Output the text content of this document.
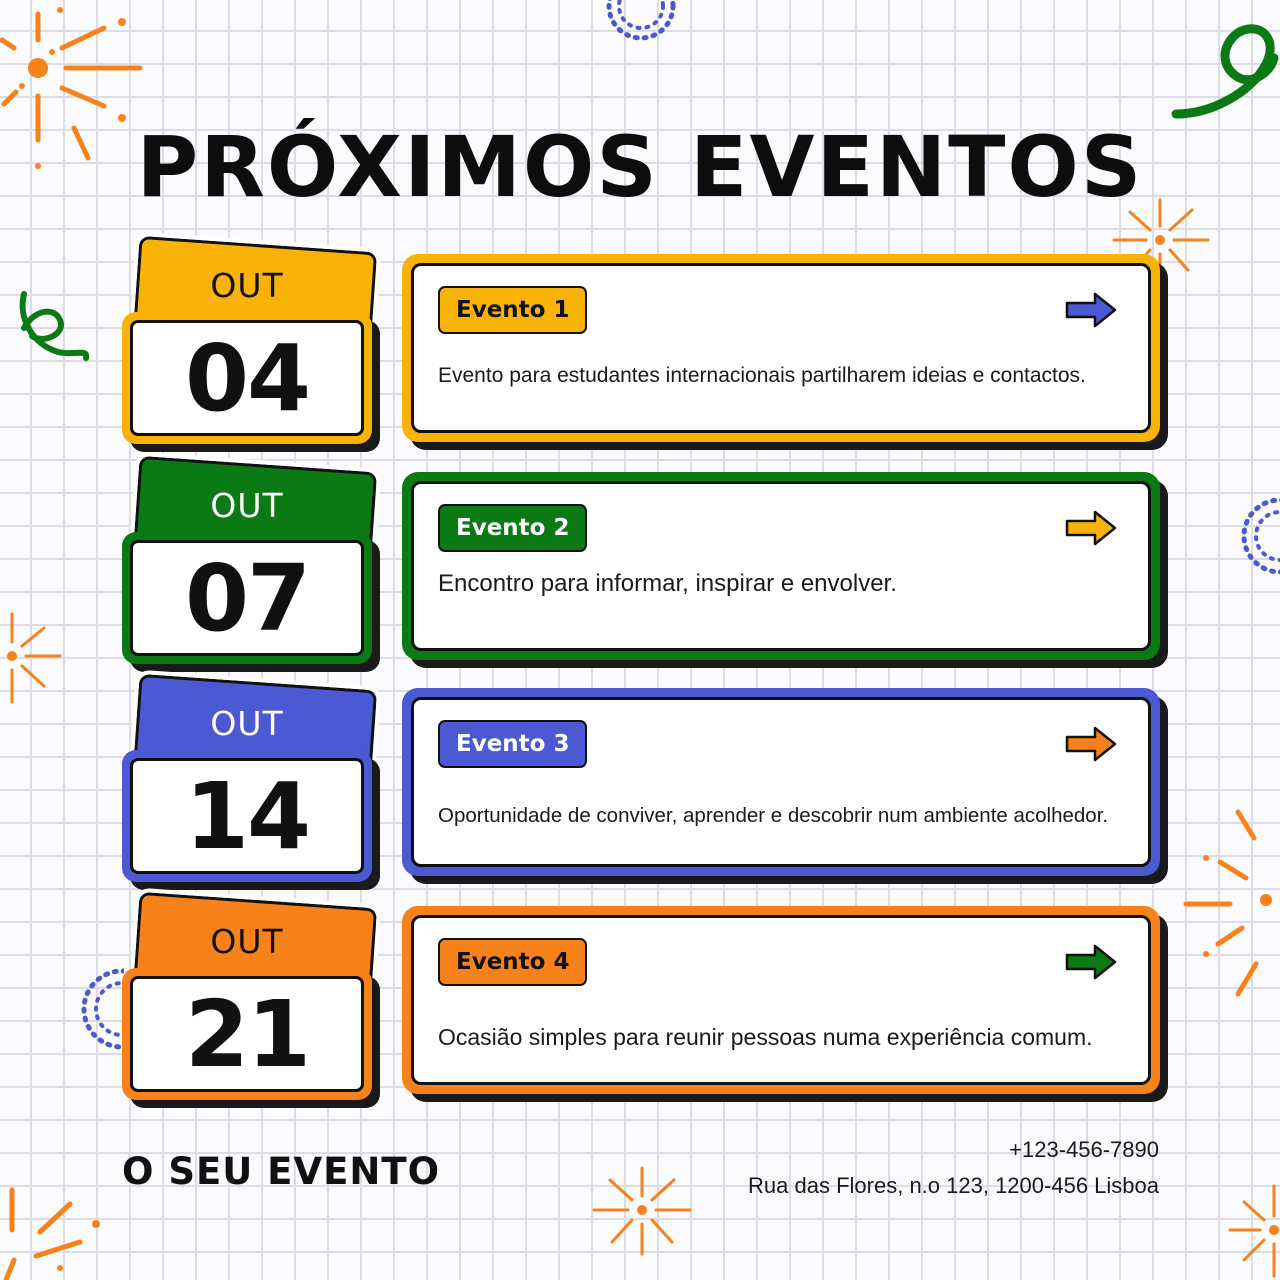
PRÓXIMOS EVENTOS
OUT
04
Evento 1
Evento para estudantes internacionais partilharem ideias e contactos.
OUT
07
Evento 2
Encontro para informar, inspirar e envolver.
OUT
14
Evento 3
Oportunidade de conviver, aprender e descobrir num ambiente acolhedor.
OUT
21
Evento 4
Ocasião simples para reunir pessoas numa experiência comum.
O SEU EVENTO
+123-456-7890
Rua das Flores, n.o 123, 1200-456 Lisboa
